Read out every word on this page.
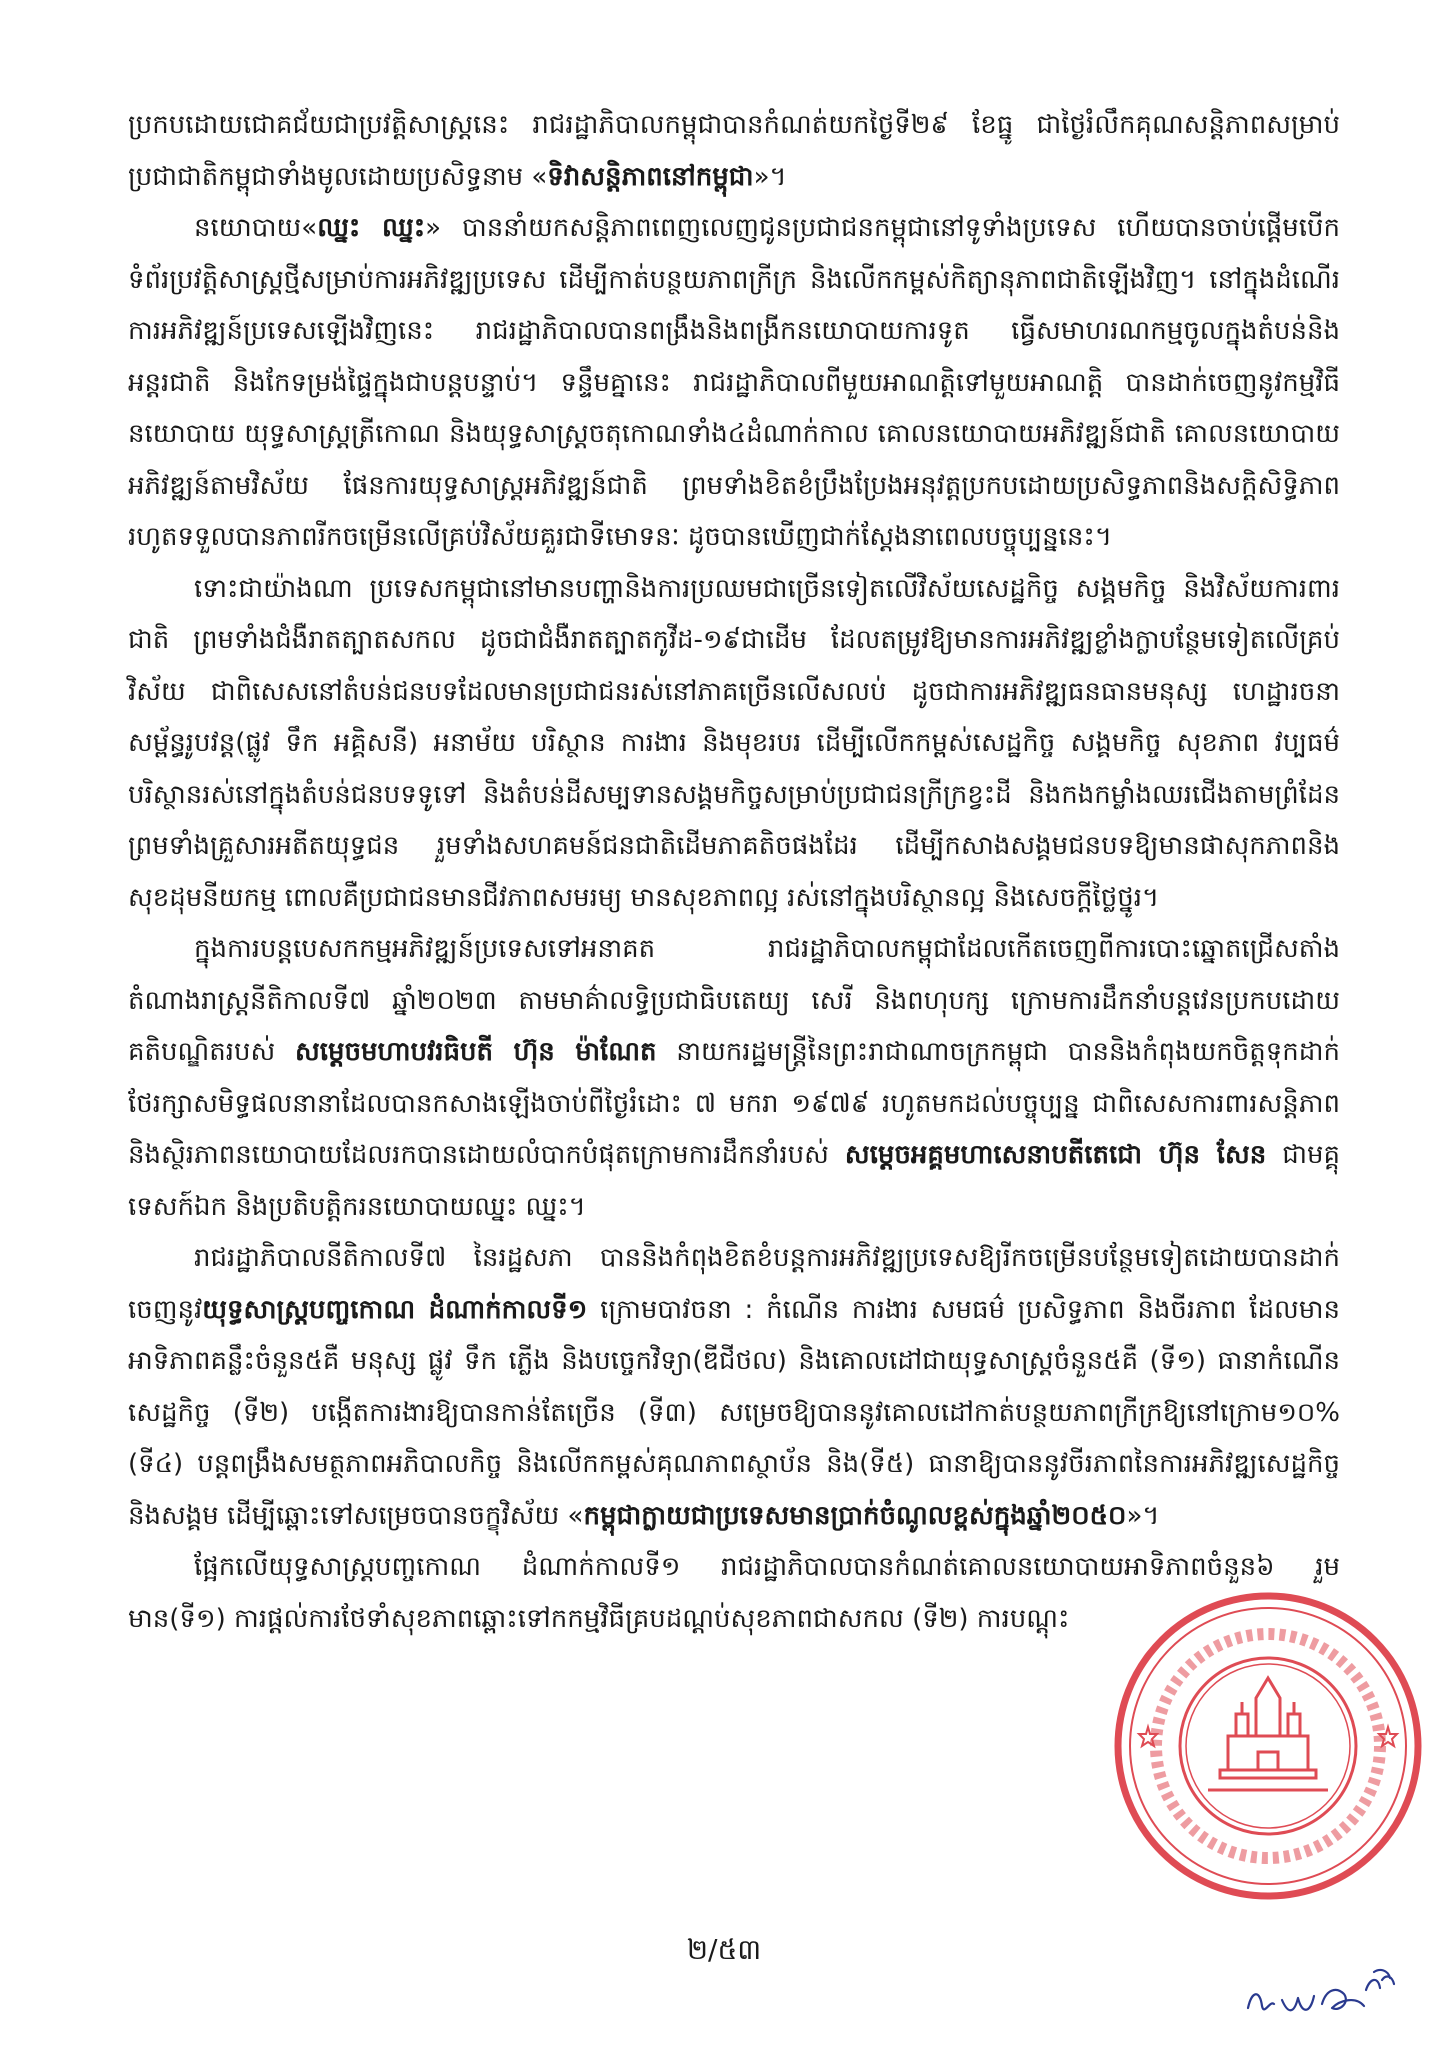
ប្រកបដោយជោគជ័យជាប្រវត្តិសាស្ត្រនេះ រាជរដ្ឋាភិបាលកម្ពុជាបានកំណត់យកថ្ងៃទី២៩ ខែធ្នូ ជាថ្ងៃរំលឹកគុណសន្តិភាពសម្រាប់ប្រជាជាតិកម្ពុជាទាំងមូលដោយប្រសិទ្ធនាម «ទិវាសន្តិភាពនៅកម្ពុជា»។

នយោបាយ«ឈ្នះ ឈ្នះ» បាននាំយកសន្តិភាពពេញលេញជូនប្រជាជនកម្ពុជានៅទូទាំងប្រទេស ហើយបានចាប់ផ្តើមបើកទំព័រប្រវត្តិសាស្ត្រថ្មីសម្រាប់ការអភិវឌ្ឍប្រទេស ដើម្បីកាត់បន្ថយភាពក្រីក្រ និងលើកកម្ពស់កិត្យានុភាពជាតិឡើងវិញ។ នៅក្នុងដំណើរការអភិវឌ្ឍន៍ប្រទេសឡើងវិញនេះ រាជរដ្ឋាភិបាលបានពង្រឹងនិងពង្រីកនយោបាយការទូត ធ្វើសមាហរណកម្មចូលក្នុងតំបន់និងអន្តរជាតិ និងកែទម្រង់ផ្ទៃក្នុងជាបន្តបន្ទាប់។ ទន្ទឹមគ្នានេះ រាជរដ្ឋាភិបាលពីមួយអាណត្តិទៅមួយអាណត្តិ បានដាក់ចេញនូវកម្មវិធីនយោបាយ យុទ្ធសាស្ត្រត្រីកោណ និងយុទ្ធសាស្ត្រចតុកោណទាំង៤ដំណាក់កាល គោលនយោបាយអភិវឌ្ឍន៍ជាតិ គោលនយោបាយអភិវឌ្ឍន៍តាមវិស័យ ផែនការយុទ្ធសាស្ត្រអភិវឌ្ឍន៍ជាតិ ព្រមទាំងខិតខំប្រឹងប្រែងអនុវត្តប្រកបដោយប្រសិទ្ធភាពនិងសក្តិសិទ្ធិភាព រហូតទទួលបានភាពរីកចម្រើនលើគ្រប់វិស័យគួរជាទីមោទនៈ ដូចបានឃើញជាក់ស្តែងនាពេលបច្ចុប្បន្ននេះ។

ទោះជាយ៉ាងណា ប្រទេសកម្ពុជានៅមានបញ្ហានិងការប្រឈមជាច្រើនទៀតលើវិស័យសេដ្ឋកិច្ច សង្គមកិច្ច និងវិស័យការពារជាតិ ព្រមទាំងជំងឺរាតត្បាតសកល ដូចជាជំងឺរាតត្បាតកូវីដ-១៩ជាដើម ដែលតម្រូវឱ្យមានការអភិវឌ្ឍខ្លាំងក្លាបន្ថែមទៀតលើគ្រប់វិស័យ ជាពិសេសនៅតំបន់ជនបទដែលមានប្រជាជនរស់នៅភាគច្រើនលើសលប់ ដូចជាការអភិវឌ្ឍធនធានមនុស្ស ហេដ្ឋារចនាសម្ព័ន្ធរូបវន្ត(ផ្លូវ ទឹក អគ្គិសនី) អនាម័យ បរិស្ថាន ការងារ និងមុខរបរ ដើម្បីលើកកម្ពស់សេដ្ឋកិច្ច សង្គមកិច្ច សុខភាព វប្បធម៌ បរិស្ថានរស់នៅក្នុងតំបន់ជនបទទូទៅ និងតំបន់ដីសម្បទានសង្គមកិច្ចសម្រាប់ប្រជាជនក្រីក្រខ្វះដី និងកងកម្លាំងឈរជើងតាមព្រំដែន ព្រមទាំងគ្រួសារអតីតយុទ្ធជន រួមទាំងសហគមន៍ជនជាតិដើមភាគតិចផងដែរ ដើម្បីកសាងសង្គមជនបទឱ្យមានផាសុកភាពនិងសុខដុមនីយកម្ម ពោលគឺប្រជាជនមានជីវភាពសមរម្យ មានសុខភាពល្អ រស់នៅក្នុងបរិស្ថានល្អ និងសេចក្តីថ្លៃថ្នូរ។

ក្នុងការបន្តបេសកកម្មអភិវឌ្ឍន៍ប្រទេសទៅអនាគត រាជរដ្ឋាភិបាលកម្ពុជាដែលកើតចេញពីការបោះឆ្នោតជ្រើសតាំងតំណាងរាស្ត្រនីតិកាលទី៧ ឆ្នាំ២០២៣ តាមមាគ៌ាលទ្ធិប្រជាធិបតេយ្យ សេរី និងពហុបក្ស ក្រោមការដឹកនាំបន្តវេនប្រកបដោយគតិបណ្ឌិតរបស់ សម្តេចមហាបវរធិបតី ហ៊ុន ម៉ាណែត នាយករដ្ឋមន្ត្រីនៃព្រះរាជាណាចក្រកម្ពុជា បាននិងកំពុងយកចិត្តទុកដាក់ថែរក្សាសមិទ្ធផលនានាដែលបានកសាងឡើងចាប់ពីថ្ងៃរំដោះ ៧ មករា ១៩៧៩ រហូតមកដល់បច្ចុប្បន្ន ជាពិសេសការពារសន្តិភាព និងស្ថិរភាពនយោបាយដែលរកបានដោយលំបាកបំផុតក្រោមការដឹកនាំរបស់ សម្តេចអគ្គមហាសេនាបតីតេជោ ហ៊ុន សែន ជាមគ្គុទេសក៍ឯក និងប្រតិបត្តិករនយោបាយឈ្នះ ឈ្នះ។

រាជរដ្ឋាភិបាលនីតិកាលទី៧ នៃរដ្ឋសភា បាននិងកំពុងខិតខំបន្តការអភិវឌ្ឍប្រទេសឱ្យរីកចម្រើនបន្ថែមទៀតដោយបានដាក់ចេញនូវយុទ្ធសាស្ត្របញ្ចកោណ ដំណាក់កាលទី១ ក្រោមបាវចនា : កំណើន ការងារ សមធម៌ ប្រសិទ្ធភាព និងចីរភាព ដែលមានអាទិភាពគន្លឹះចំនួន៥គឺ មនុស្ស ផ្លូវ ទឹក ភ្លើង និងបច្ចេកវិទ្យា(ឌីជីថល) និងគោលដៅជាយុទ្ធសាស្ត្រចំនួន៥គឺ (ទី១) ធានាកំណើនសេដ្ឋកិច្ច (ទី២) បង្កើតការងារឱ្យបានកាន់តែច្រើន (ទី៣) សម្រេចឱ្យបាននូវគោលដៅកាត់បន្ថយភាពក្រីក្រឱ្យនៅក្រោម១០% (ទី៤) បន្តពង្រឹងសមត្ថភាពអភិបាលកិច្ច និងលើកកម្ពស់គុណភាពស្ថាប័ន និង(ទី៥) ធានាឱ្យបាននូវចីរភាពនៃការអភិវឌ្ឍសេដ្ឋកិច្ច និងសង្គម ដើម្បីឆ្ពោះទៅសម្រេចបានចក្ខុវិស័យ «កម្ពុជាក្លាយជាប្រទេសមានប្រាក់ចំណូលខ្ពស់ក្នុងឆ្នាំ២០៥០»។

ផ្អែកលើយុទ្ធសាស្ត្របញ្ចកោណ ដំណាក់កាលទី១ រាជរដ្ឋាភិបាលបានកំណត់គោលនយោបាយអាទិភាពចំនួន៦ រួមមាន(ទី១) ការផ្តល់ការថែទាំសុខភាពឆ្ពោះទៅកកម្មវិធីគ្របដណ្តប់សុខភាពជាសកល (ទី២) ការបណ្តុះ

២/៥៣
